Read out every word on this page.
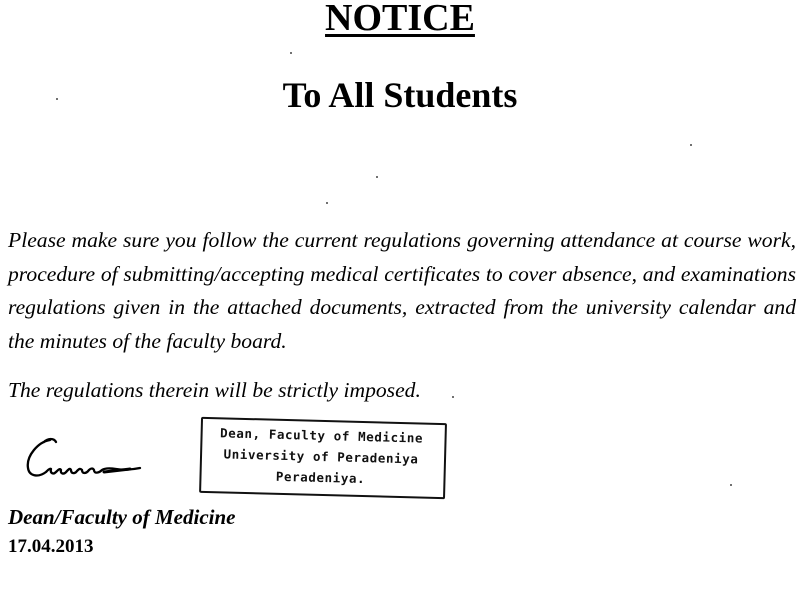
NOTICE
To All Students
Please make sure you follow the current regulations governing attendance at course work, procedure of submitting/accepting medical certificates to cover absence, and examinations regulations given in the attached documents, extracted from the university calendar and the minutes of the faculty board.
The regulations therein will be strictly imposed.
Dean, Faculty of Medicine
University of Peradeniya
Peradeniya.
Dean/Faculty of Medicine
17.04.2013
